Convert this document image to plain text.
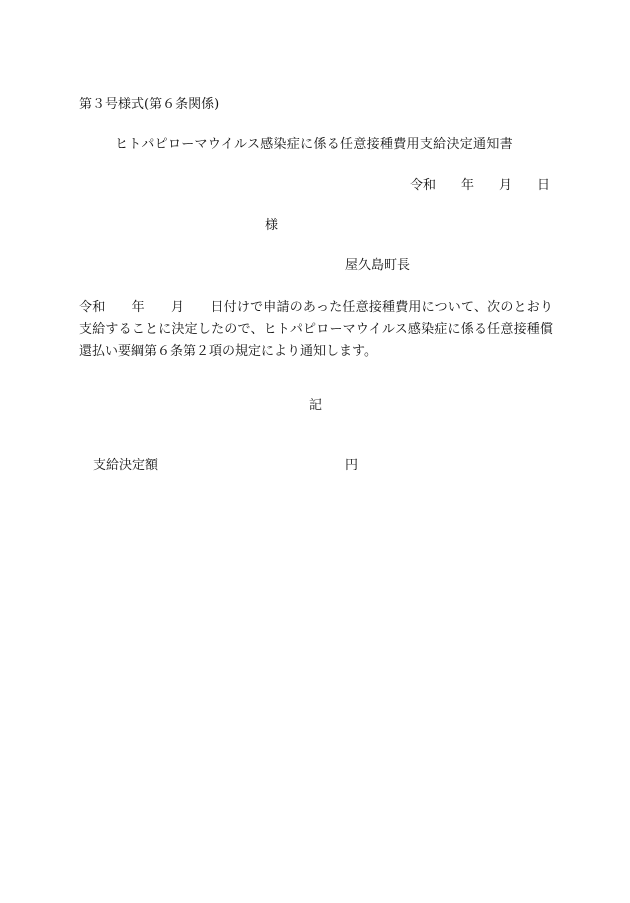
第３号様式(第６条関係)
ヒトパピローマウイルス感染症に係る任意接種費用支給決定通知書
令和 年 月 日
様
屋久島町長
令和 年 月 日付けで申請のあった任意接種費用について、次のとおり支給することに決定したので、ヒトパピローマウイルス感染症に係る任意接種償還払い要綱第６条第２項の規定により通知します。
記
支給決定額	円
